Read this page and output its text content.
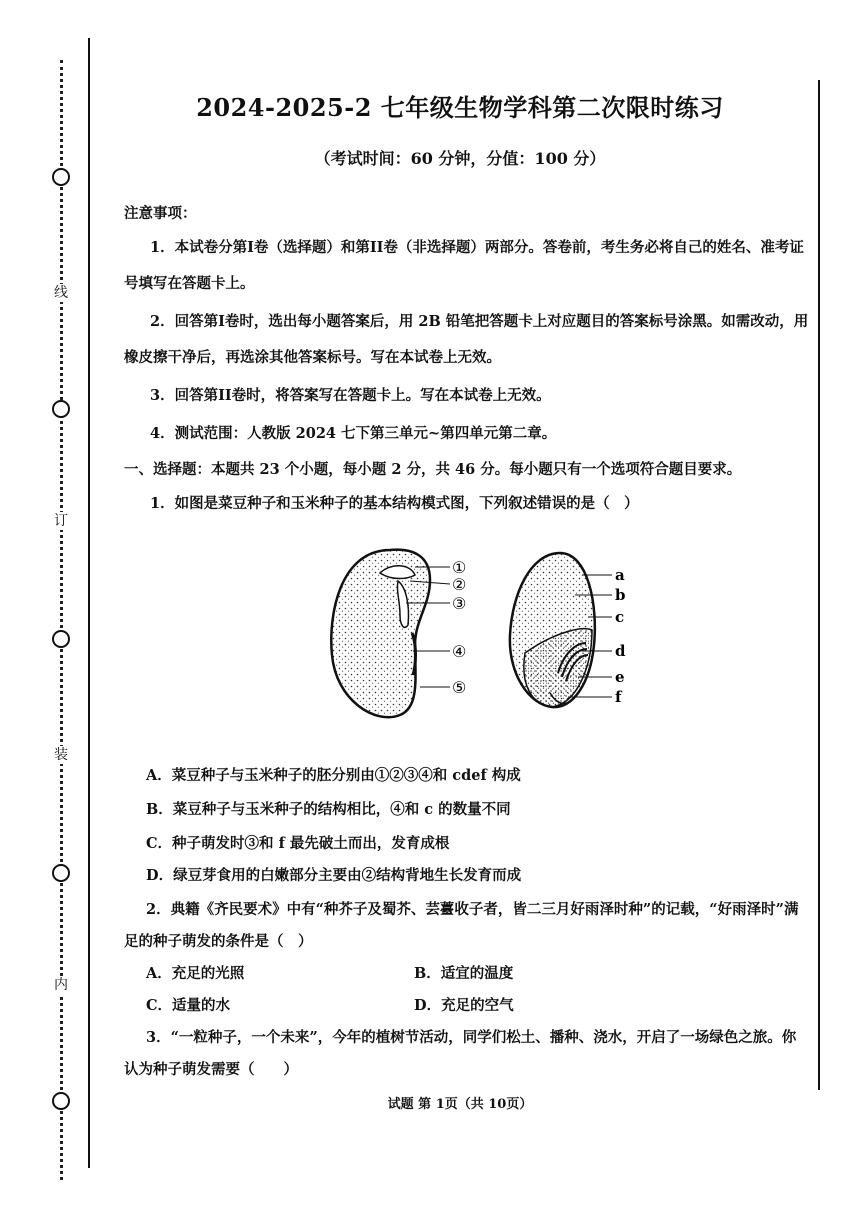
线
订
装
内
2024-2025-2 七年级生物学科第二次限时练习
（考试时间：60 分钟，分值：100 分）
注意事项：
1．本试卷分第I卷（选择题）和第II卷（非选择题）两部分。答卷前，考生务必将自己的姓名、准考证
号填写在答题卡上。
2．回答第I卷时，选出每小题答案后，用 2B 铅笔把答题卡上对应题目的答案标号涂黑。如需改动，用
橡皮擦干净后，再选涂其他答案标号。写在本试卷上无效。
3．回答第II卷时，将答案写在答题卡上。写在本试卷上无效。
4．测试范围：人教版 2024 七下第三单元~第四单元第二章。
一、选择题：本题共 23 个小题，每小题 2 分，共 46 分。每小题只有一个选项符合题目要求。
1．如图是菜豆种子和玉米种子的基本结构模式图，下列叙述错误的是（　）
①
②
③
④
⑤
a
b
c
d
e
f
A．菜豆种子与玉米种子的胚分别由①②③④和 cdef 构成
B．菜豆种子与玉米种子的结构相比，④和 c 的数量不同
C．种子萌发时③和 f 最先破土而出，发育成根
D．绿豆芽食用的白嫩部分主要由②结构背地生长发育而成
2．典籍《齐民要术》中有“种芥子及蜀芥、芸薹收子者，皆二三月好雨泽时种”的记载，“好雨泽时”满
足的种子萌发的条件是（　）
A．充足的光照	B．适宜的温度
C．适量的水	D．充足的空气
3．“一粒种子，一个未来”，今年的植树节活动，同学们松土、播种、浇水，开启了一场绿色之旅。你
认为种子萌发需要（　　）
试题 第 1页（共 10页）
